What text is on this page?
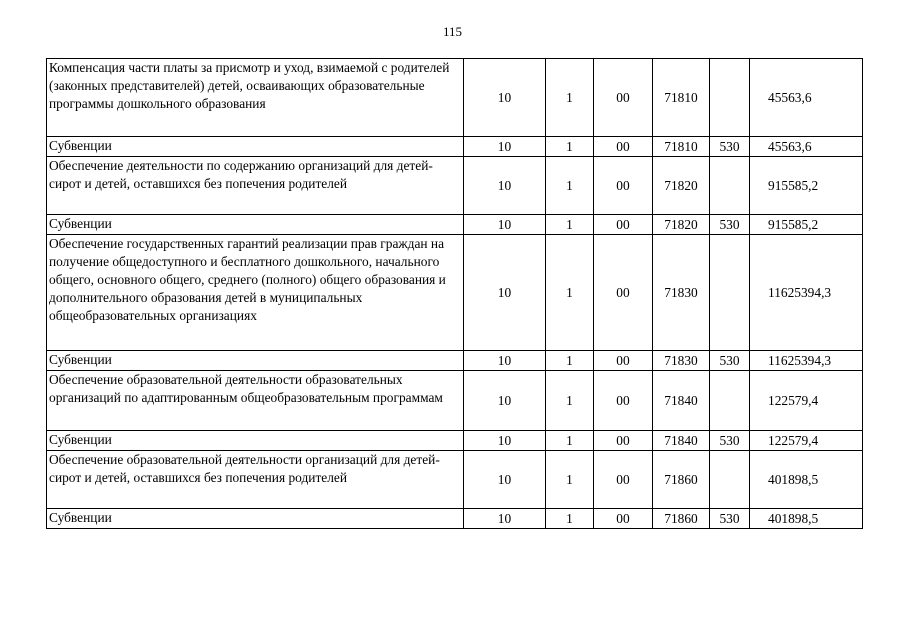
115
Компенсация части платы за присмотр и уход, взимаемой с родителей (законных представителей) детей, осваивающих образовательные программы дошкольного образования	10	1	00	71810		45563,6
Субвенции	10	1	00	71810	530	45563,6
Обеспечение деятельности по содержанию организаций для детей-сирот и детей, оставшихся без попечения родителей	10	1	00	71820		915585,2
Субвенции	10	1	00	71820	530	915585,2
Обеспечение государственных гарантий реализации прав граждан на получение общедоступного и бесплатного дошкольного, начального общего, основного общего, среднего (полного) общего образования и дополнительного образования детей в муниципальных общеобразовательных организациях	10	1	00	71830		11625394,3
Субвенции	10	1	00	71830	530	11625394,3
Обеспечение образовательной деятельности образовательных организаций по адаптированным общеобразовательным программам	10	1	00	71840		122579,4
Субвенции	10	1	00	71840	530	122579,4
Обеспечение образовательной деятельности организаций для детей-сирот и детей, оставшихся без попечения родителей	10	1	00	71860		401898,5
Субвенции	10	1	00	71860	530	401898,5
